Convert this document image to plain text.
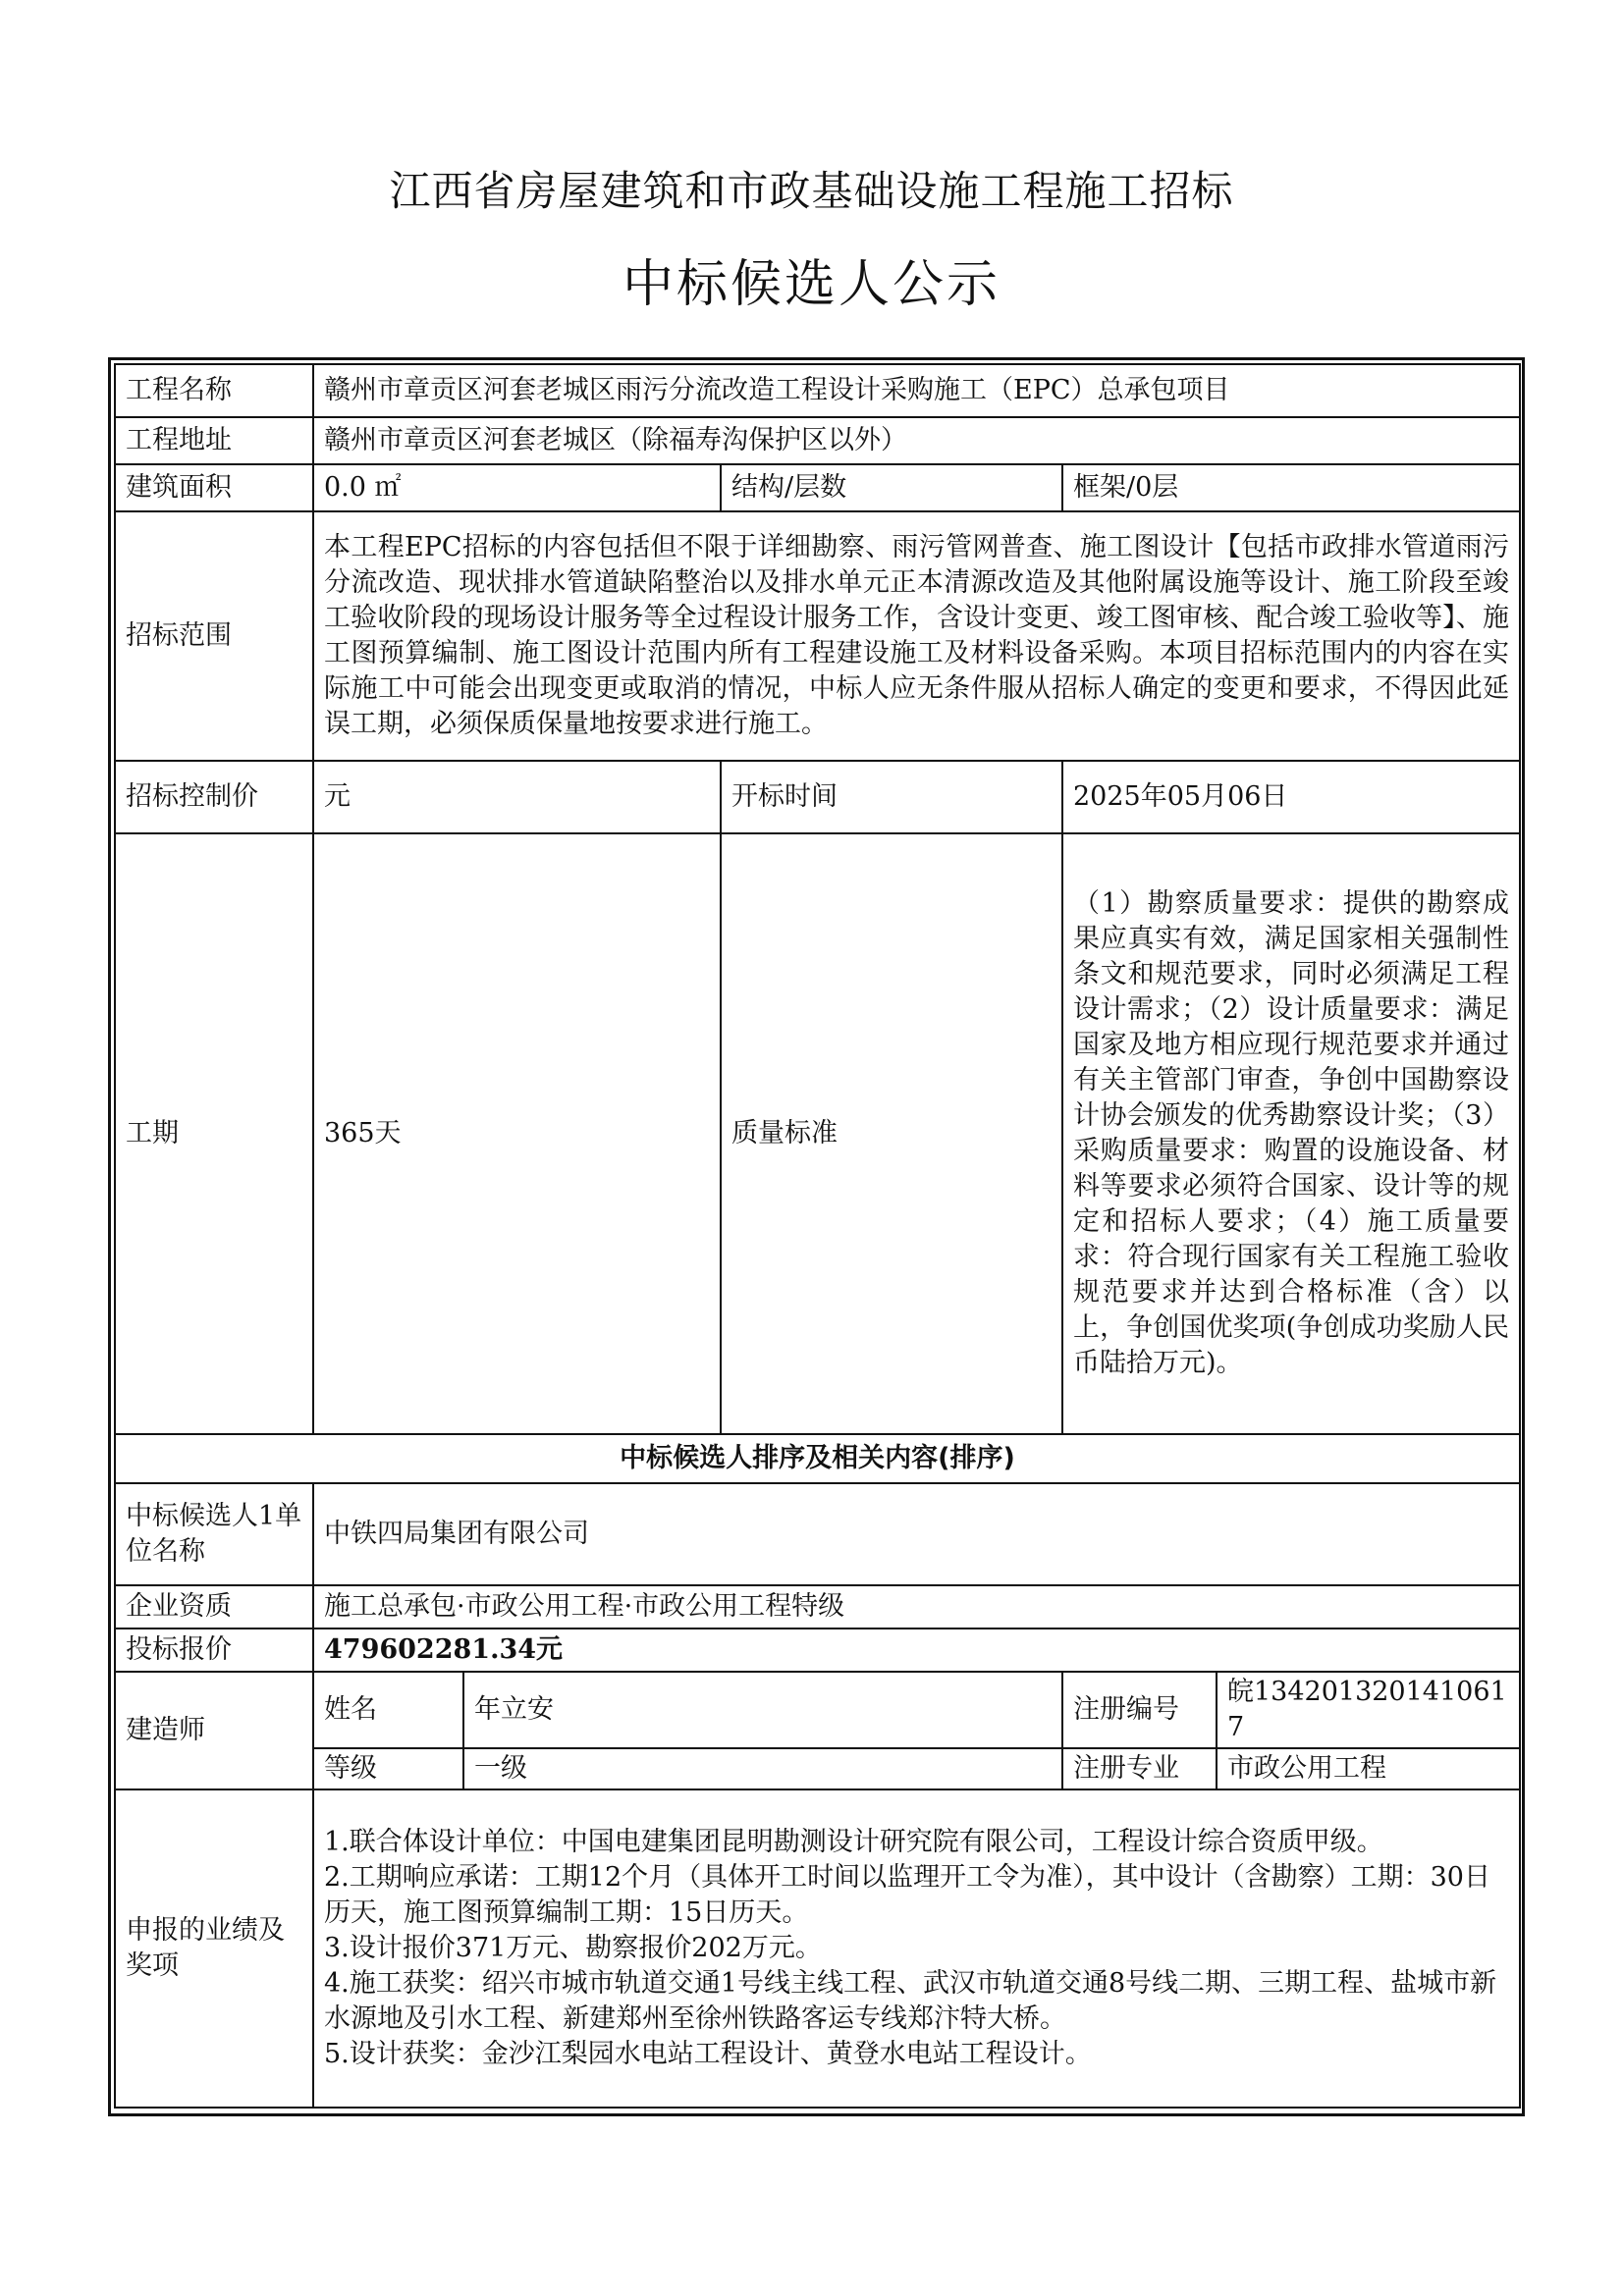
江西省房屋建筑和市政基础设施工程施工招标
中标候选人公示
工程名称	赣州市章贡区河套老城区雨污分流改造工程设计采购施工（EPC）总承包项目				
工程地址	赣州市章贡区河套老城区（除福寿沟保护区以外）				
建筑面积	0.0 ㎡		结构/层数	框架/0层	
招标范围	本工程EPC招标的内容包括但不限于详细勘察、雨污管网普查、施工图设计【包括市政排水管道雨污分流改造、现状排水管道缺陷整治以及排水单元正本清源改造及其他附属设施等设计、施工阶段至竣工验收阶段的现场设计服务等全过程设计服务工作，含设计变更、竣工图审核、配合竣工验收等】、施工图预算编制、施工图设计范围内所有工程建设施工及材料设备采购。本项目招标范围内的内容在实际施工中可能会出现变更或取消的情况，中标人应无条件服从招标人确定的变更和要求，不得因此延误工期，必须保质保量地按要求进行施工。				
招标控制价	元		开标时间	2025年05月06日	
工期	365天		质量标准	（1）勘察质量要求：提供的勘察成果应真实有效，满足国家相关强制性条文和规范要求，同时必须满足工程设计需求；（2）设计质量要求：满足国家及地方相应现行规范要求并通过有关主管部门审查，争创中国勘察设计协会颁发的优秀勘察设计奖；（3）采购质量要求：购置的设施设备、材料等要求必须符合国家、设计等的规定和招标人要求；（4）施工质量要求：符合现行国家有关工程施工验收规范要求并达到合格标准（含）以上，争创国优奖项(争创成功奖励人民币陆拾万元)。	
中标候选人排序及相关内容(排序)					
中标候选人1单位名称	中铁四局集团有限公司				
企业资质	施工总承包·市政公用工程·市政公用工程特级				
投标报价	479602281.34元				
建造师	姓名	年立安		注册编号	皖1342013201410617
	等级	一级		注册专业	市政公用工程
申报的业绩及奖项	1.联合体设计单位：中国电建集团昆明勘测设计研究院有限公司，工程设计综合资质甲级。
2.工期响应承诺：工期12个月（具体开工时间以监理开工令为准），其中设计（含勘察）工期：30日历天，施工图预算编制工期：15日历天。
3.设计报价371万元、勘察报价202万元。
4.施工获奖：绍兴市城市轨道交通1号线主线工程、武汉市轨道交通8号线二期、三期工程、盐城市新水源地及引水工程、新建郑州至徐州铁路客运专线郑汴特大桥。
5.设计获奖：金沙江梨园水电站工程设计、黄登水电站工程设计。				
